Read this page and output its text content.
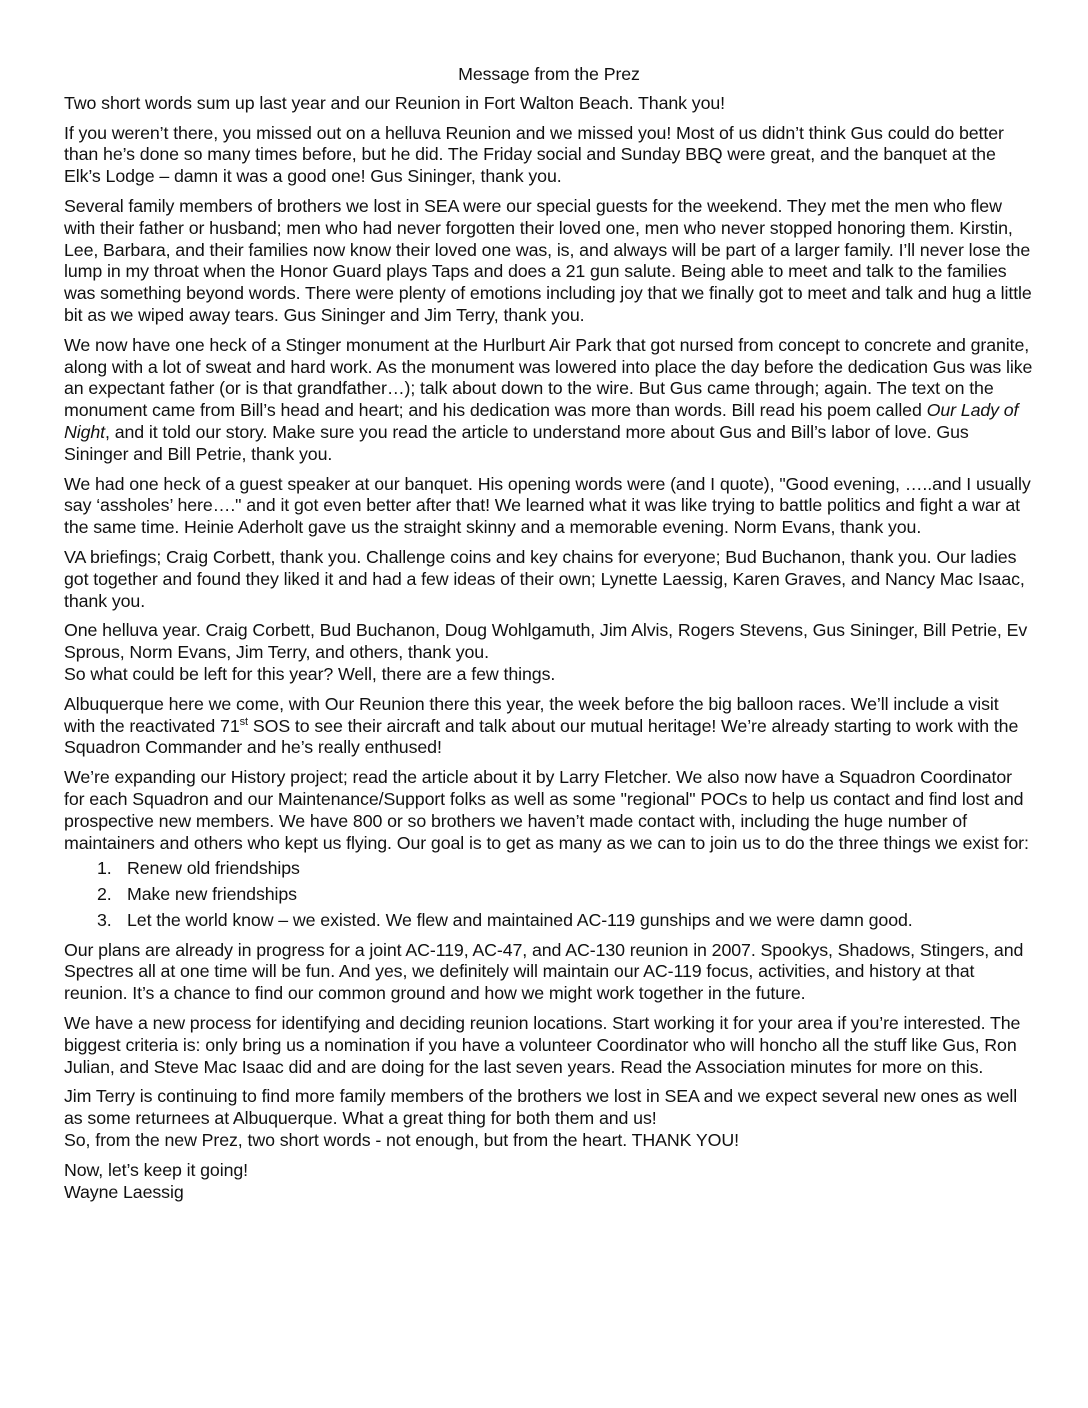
Message from the Prez

Two short words sum up last year and our Reunion in Fort Walton Beach. Thank you!

If you weren’t there, you missed out on a helluva Reunion and we missed you! Most of us didn’t think Gus could do better than he’s done so many times before, but he did. The Friday social and Sunday BBQ were great, and the banquet at the Elk’s Lodge – damn it was a good one! Gus Sininger, thank you.

Several family members of brothers we lost in SEA were our special guests for the weekend. They met the men who flew with their father or husband; men who had never forgotten their loved one, men who never stopped honoring them. Kirstin, Lee, Barbara, and their families now know their loved one was, is, and always will be part of a larger family. I’ll never lose the lump in my throat when the Honor Guard plays Taps and does a 21 gun salute. Being able to meet and talk to the families was something beyond words. There were plenty of emotions including joy that we finally got to meet and talk and hug a little bit as we wiped away tears. Gus Sininger and Jim Terry, thank you.

We now have one heck of a Stinger monument at the Hurlburt Air Park that got nursed from concept to concrete and granite, along with a lot of sweat and hard work. As the monument was lowered into place the day before the dedication Gus was like an expectant father (or is that grandfather…); talk about down to the wire. But Gus came through; again. The text on the monument came from Bill’s head and heart; and his dedication was more than words. Bill read his poem called Our Lady of Night, and it told our story. Make sure you read the article to understand more about Gus and Bill’s labor of love. Gus Sininger and Bill Petrie, thank you.

We had one heck of a guest speaker at our banquet. His opening words were (and I quote), "Good evening, …..and I usually say ‘assholes’ here…." and it got even better after that! We learned what it was like trying to battle politics and fight a war at the same time. Heinie Aderholt gave us the straight skinny and a memorable evening. Norm Evans, thank you.

VA briefings; Craig Corbett, thank you. Challenge coins and key chains for everyone; Bud Buchanon, thank you. Our ladies got together and found they liked it and had a few ideas of their own; Lynette Laessig, Karen Graves, and Nancy Mac Isaac, thank you.

One helluva year. Craig Corbett, Bud Buchanon, Doug Wohlgamuth, Jim Alvis, Rogers Stevens, Gus Sininger, Bill Petrie, Ev Sprous, Norm Evans, Jim Terry, and others, thank you.

So what could be left for this year? Well, there are a few things.

Albuquerque here we come, with Our Reunion there this year, the week before the big balloon races. We’ll include a visit with the reactivated 71st SOS to see their aircraft and talk about our mutual heritage! We’re already starting to work with the Squadron Commander and he’s really enthused!

We’re expanding our History project; read the article about it by Larry Fletcher. We also now have a Squadron Coordinator for each Squadron and our Maintenance/Support folks as well as some "regional" POCs to help us contact and find lost and prospective new members. We have 800 or so brothers we haven’t made contact with, including the huge number of maintainers and others who kept us flying. Our goal is to get as many as we can to join us to do the three things we exist for:

1. Renew old friendships
2. Make new friendships
3. Let the world know – we existed. We flew and maintained AC-119 gunships and we were damn good.

Our plans are already in progress for a joint AC-119, AC-47, and AC-130 reunion in 2007. Spookys, Shadows, Stingers, and Spectres all at one time will be fun. And yes, we definitely will maintain our AC-119 focus, activities, and history at that reunion. It’s a chance to find our common ground and how we might work together in the future.

We have a new process for identifying and deciding reunion locations. Start working it for your area if you’re interested. The biggest criteria is: only bring us a nomination if you have a volunteer Coordinator who will honcho all the stuff like Gus, Ron Julian, and Steve Mac Isaac did and are doing for the last seven years. Read the Association minutes for more on this.

Jim Terry is continuing to find more family members of the brothers we lost in SEA and we expect several new ones as well as some returnees at Albuquerque. What a great thing for both them and us!

So, from the new Prez, two short words - not enough, but from the heart. THANK YOU!

Now, let’s keep it going!

Wayne Laessig
